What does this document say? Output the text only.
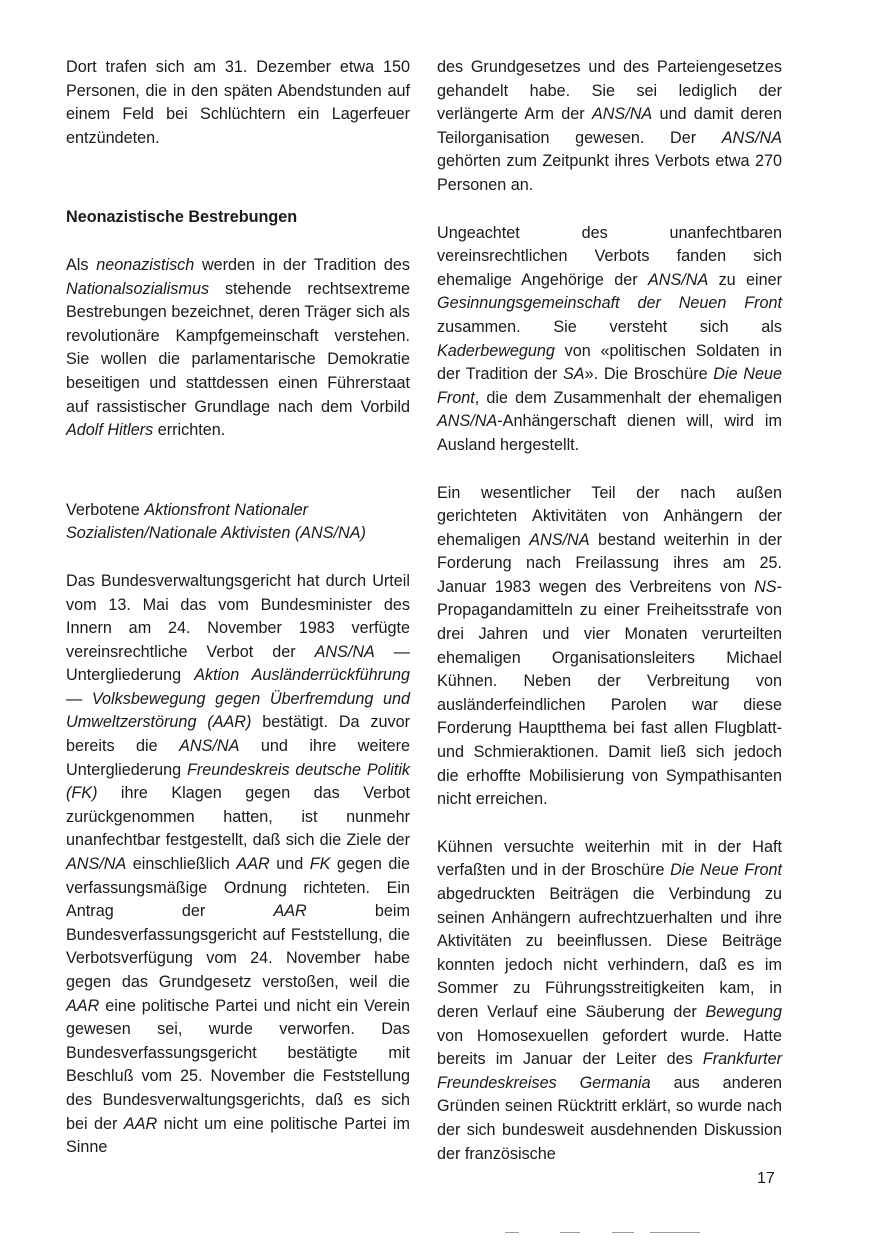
Dort trafen sich am 31. Dezember etwa 150 Personen, die in den späten Abendstunden auf einem Feld bei Schlüchtern ein Lagerfeuer entzündeten.

Neonazistische Bestrebungen

Als neonazistisch werden in der Tradition des Nationalsozialismus stehende rechtsextreme Bestrebungen bezeichnet, deren Träger sich als revolutionäre Kampfgemeinschaft verstehen. Sie wollen die parlamentarische Demokratie beseitigen und stattdessen einen Führerstaat auf rassistischer Grundlage nach dem Vorbild Adolf Hitlers errichten.

Verbotene Aktionsfront Nationaler Sozialisten/Nationale Aktivisten (ANS/NA)

Das Bundesverwaltungsgericht hat durch Urteil vom 13. Mai das vom Bundesminister des Innern am 24. November 1983 verfügte vereinsrechtliche Verbot der ANS/NA — Untergliederung Aktion Ausländerrückführung — Volksbewegung gegen Überfremdung und Umweltzerstörung (AAR) bestätigt. Da zuvor bereits die ANS/NA und ihre weitere Untergliederung Freundeskreis deutsche Politik (FK) ihre Klagen gegen das Verbot zurückgenommen hatten, ist nunmehr unanfechtbar festgestellt, daß sich die Ziele der ANS/NA einschließlich AAR und FK gegen die verfassungsmäßige Ordnung richteten. Ein Antrag der AAR beim Bundesverfassungsgericht auf Feststellung, die Verbotsverfügung vom 24. November habe gegen das Grundgesetz verstoßen, weil die AAR eine politische Partei und nicht ein Verein gewesen sei, wurde verworfen. Das Bundesverfassungsgericht bestätigte mit Beschluß vom 25. November die Feststellung des Bundesverwaltungsgerichts, daß es sich bei der AAR nicht um eine politische Partei im Sinne

des Grundgesetzes und des Parteiengesetzes gehandelt habe. Sie sei lediglich der verlängerte Arm der ANS/NA und damit deren Teilorganisation gewesen. Der ANS/NA gehörten zum Zeitpunkt ihres Verbots etwa 270 Personen an.

Ungeachtet des unanfechtbaren vereinsrechtlichen Verbots fanden sich ehemalige Angehörige der ANS/NA zu einer Gesinnungsgemeinschaft der Neuen Front zusammen. Sie versteht sich als Kaderbewegung von «politischen Soldaten in der Tradition der SA». Die Broschüre Die Neue Front, die dem Zusammenhalt der ehemaligen ANS/NA-Anhängerschaft dienen will, wird im Ausland hergestellt.

Ein wesentlicher Teil der nach außen gerichteten Aktivitäten von Anhängern der ehemaligen ANS/NA bestand weiterhin in der Forderung nach Freilassung ihres am 25. Januar 1983 wegen des Verbreitens von NS-Propagandamitteln zu einer Freiheitsstrafe von drei Jahren und vier Monaten verurteilten ehemaligen Organisationsleiters Michael Kühnen. Neben der Verbreitung von ausländerfeindlichen Parolen war diese Forderung Hauptthema bei fast allen Flugblatt- und Schmieraktionen. Damit ließ sich jedoch die erhoffte Mobilisierung von Sympathisanten nicht erreichen.

Kühnen versuchte weiterhin mit in der Haft verfaßten und in der Broschüre Die Neue Front abgedruckten Beiträgen die Verbindung zu seinen Anhängern aufrechtzuerhalten und ihre Aktivitäten zu beeinflussen. Diese Beiträge konnten jedoch nicht verhindern, daß es im Sommer zu Führungsstreitigkeiten kam, in deren Verlauf eine Säuberung der Bewegung von Homosexuellen gefordert wurde. Hatte bereits im Januar der Leiter des Frankfurter Freundeskreises Germania aus anderen Gründen seinen Rücktritt erklärt, so wurde nach der sich bundesweit ausdehnenden Diskussion der französische

17
